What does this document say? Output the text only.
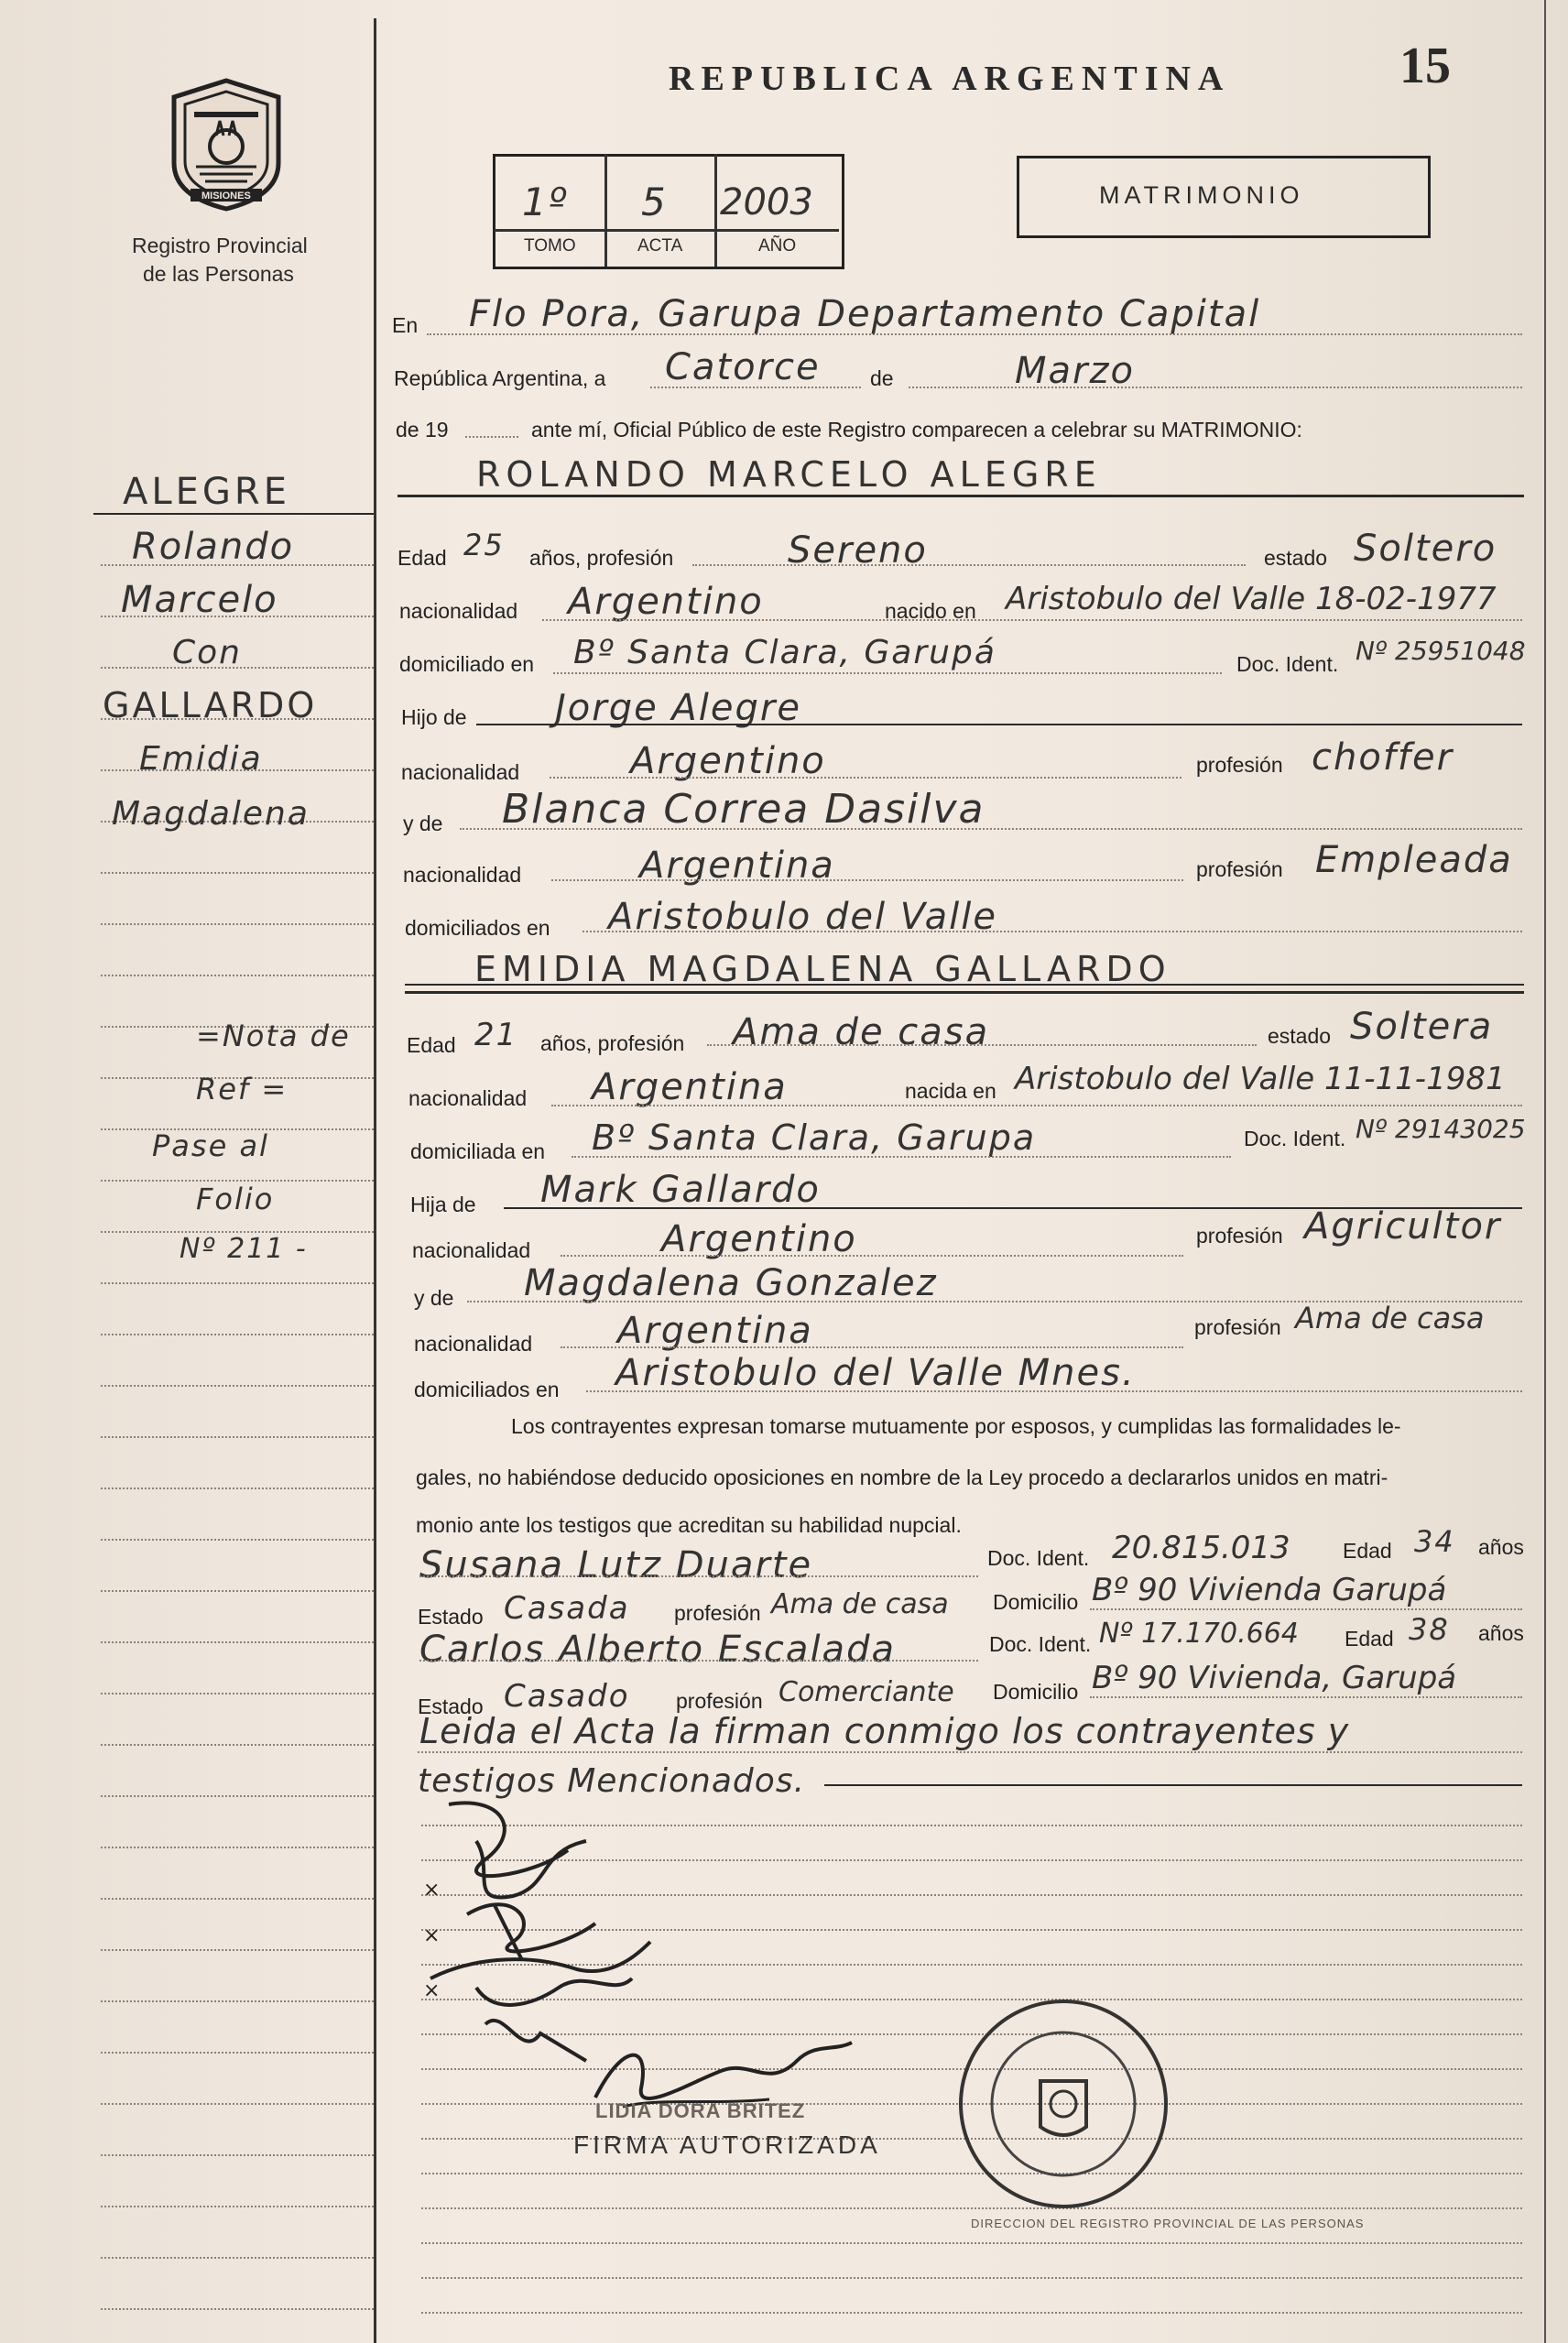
REPUBLICA ARGENTINA	15
MISIONES
Registro Provincial
de las Personas
1º 5 2003
TOMO	ACTA	AÑO
MATRIMONIO
En Flo Pora, Garupa Departamento Capital
República Argentina, a Catorce de	Marzo
de 19	ante mí, Oficial Público de este Registro comparecen a celebrar su MATRIMONIO:
ROLANDO MARCELO ALEGRE
Edad 25 años, profesión	Sereno	estado Soltero
nacionalidad Argentino	nacido en Aristobulo del Valle 18-02-1977
domiciliado en Bº Santa Clara, Garupá	Doc. Ident. Nº 25951048
Hijo de Jorge Alegre
nacionalidad	Argentino	profesión choffer
y de Blanca Correa Dasilva
nacionalidad	Argentina	profesión Empleada
domiciliados en Aristobulo del Valle
EMIDIA MAGDALENA GALLARDO
Edad 21 años, profesión Ama de casa	estado Soltera
nacionalidad Argentina	nacida en Aristobulo del Valle 11-11-1981
domiciliada en Bº Santa Clara, Garupa	Doc. Ident. Nº 29143025
Hija de Mark Gallardo
nacionalidad	Argentino	profesión Agricultor
y de Magdalena Gonzalez
nacionalidad Argentina	profesión Ama de casa
domiciliados en Aristobulo del Valle Mnes.
Los contrayentes expresan tomarse mutuamente por esposos, y cumplidas las formalidades le-
gales, no habiéndose deducido oposiciones en nombre de la Ley procedo a declararlos unidos en matri-
monio ante los testigos que acreditan su habilidad nupcial.
Susana Lutz Duarte	Doc. Ident. 20.815.013 Edad 34 años
Estado Casada profesión Ama de casa Domicilio Bº 90 Vivienda Garupá
Carlos Alberto Escalada	Doc. Ident. Nº 17.170.664 Edad 38 años
Estado Casado profesión Comerciante Domicilio Bº 90 Vivienda, Garupá
Leida el Acta la firman conmigo los contrayentes y
testigos Mencionados.
ALEGRE
Rolando
Marcelo
Con
GALLARDO
Emidia
Magdalena
=Nota de
Ref =
Pase al
Folio
Nº 211 -
×
×
×
LIDIA DORA BRITEZ
FIRMA AUTORIZADA
DIRECCION DEL REGISTRO PROVINCIAL DE LAS PERSONAS
